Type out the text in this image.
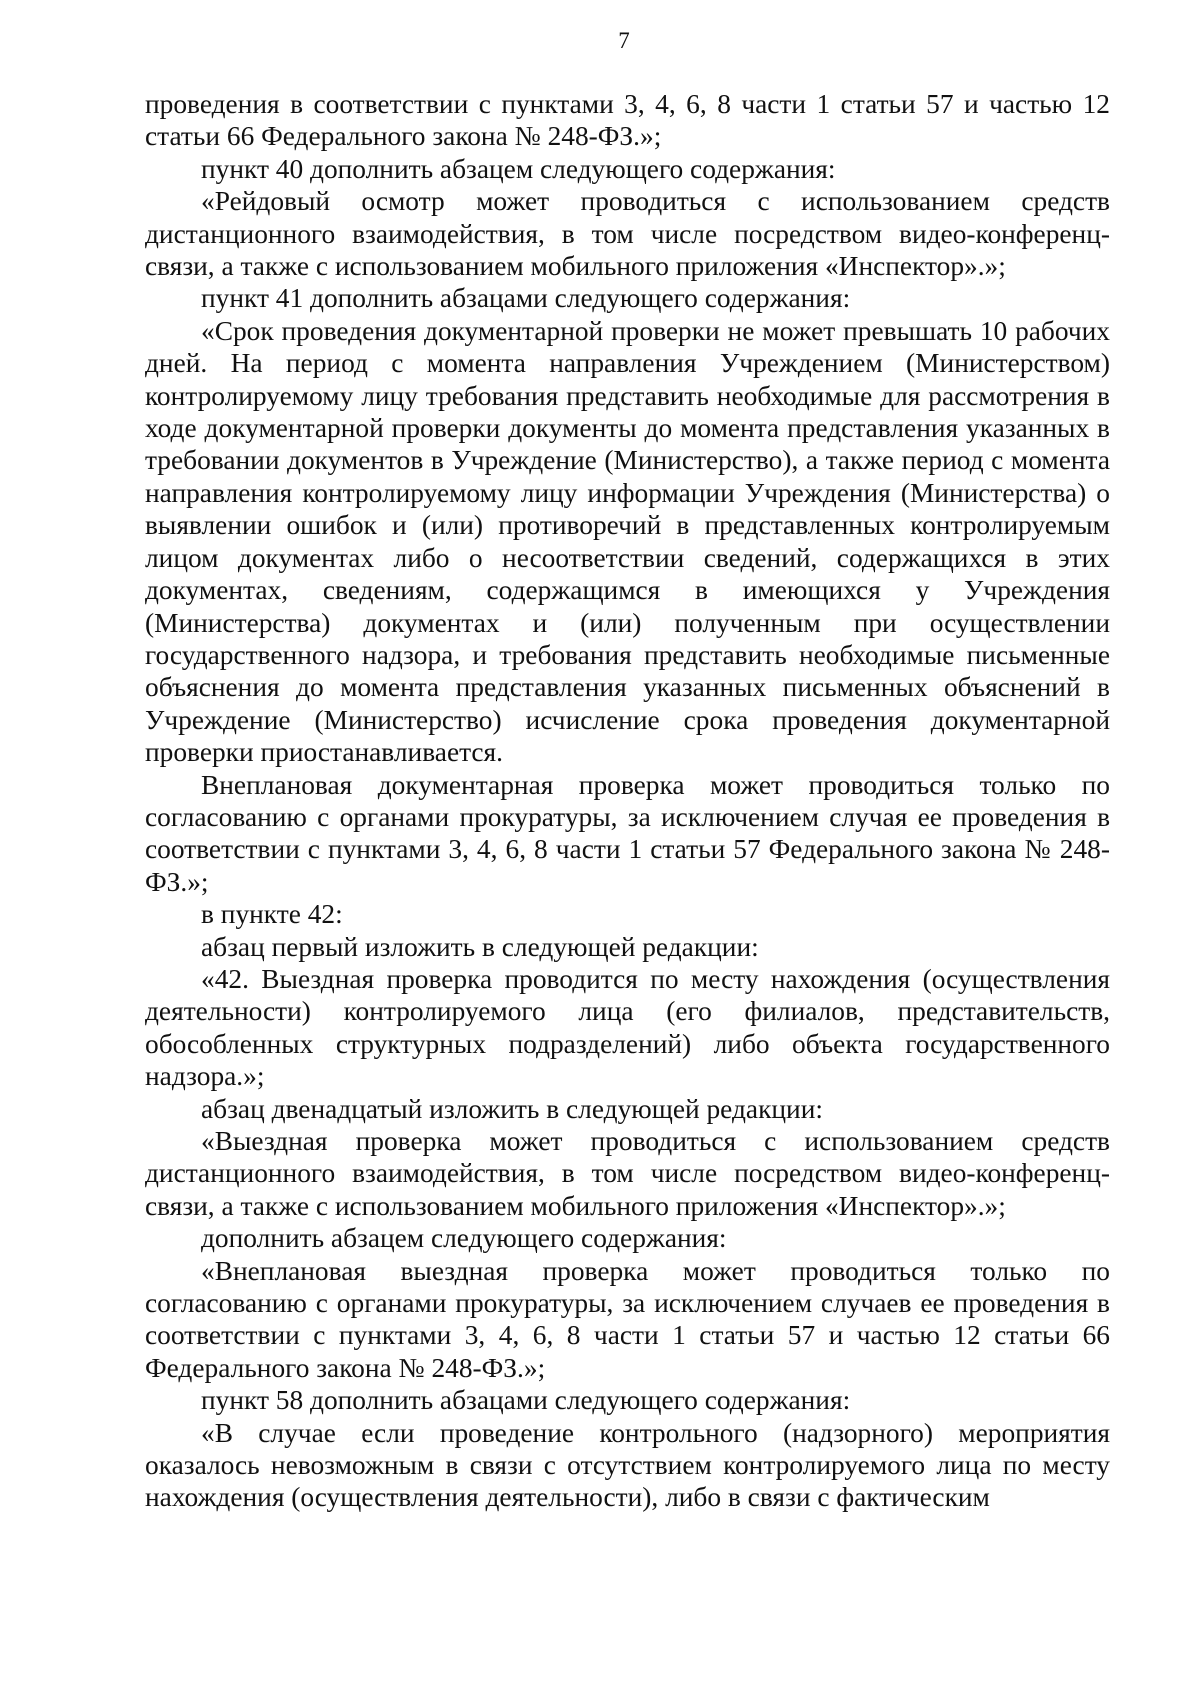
7

проведения в соответствии с пунктами 3, 4, 6, 8 части 1 статьи 57 и частью 12 статьи 66 Федерального закона № 248-ФЗ.»;

пункт 40 дополнить абзацем следующего содержания:

«Рейдовый осмотр может проводиться с использованием средств дистанционного взаимодействия, в том числе посредством видео-конференц-связи, а также с использованием мобильного приложения «Инспектор».»;

пункт 41 дополнить абзацами следующего содержания:

«Срок проведения документарной проверки не может превышать 10 рабочих дней. На период с момента направления Учреждением (Министерством) контролируемому лицу требования представить необходимые для рассмотрения в ходе документарной проверки документы до момента представления указанных в требовании документов в Учреждение (Министерство), а также период с момента направления контролируемому лицу информации Учреждения (Министерства) о выявлении ошибок и (или) противоречий в представленных контролируемым лицом документах либо о несоответствии сведений, содержащихся в этих документах, сведениям, содержащимся в имеющихся у Учреждения (Министерства) документах и (или) полученным при осуществлении государственного надзора, и требования представить необходимые письменные объяснения до момента представления указанных письменных объяснений в Учреждение (Министерство) исчисление срока проведения документарной проверки приостанавливается.

Внеплановая документарная проверка может проводиться только по согласованию с органами прокуратуры, за исключением случая ее проведения в соответствии с пунктами 3, 4, 6, 8 части 1 статьи 57 Федерального закона № 248-ФЗ.»;

в пункте 42:

абзац первый изложить в следующей редакции:

«42. Выездная проверка проводится по месту нахождения (осуществления деятельности) контролируемого лица (его филиалов, представительств, обособленных структурных подразделений) либо объекта государственного надзора.»;

абзац двенадцатый изложить в следующей редакции:

«Выездная проверка может проводиться с использованием средств дистанционного взаимодействия, в том числе посредством видео-конференц-связи, а также с использованием мобильного приложения «Инспектор».»;

дополнить абзацем следующего содержания:

«Внеплановая выездная проверка может проводиться только по согласованию с органами прокуратуры, за исключением случаев ее проведения в соответствии с пунктами 3, 4, 6, 8 части 1 статьи 57 и частью 12 статьи 66 Федерального закона № 248-ФЗ.»;

пункт 58 дополнить абзацами следующего содержания:

«В случае если проведение контрольного (надзорного) мероприятия оказалось невозможным в связи с отсутствием контролируемого лица по месту нахождения (осуществления деятельности), либо в связи с фактическим
